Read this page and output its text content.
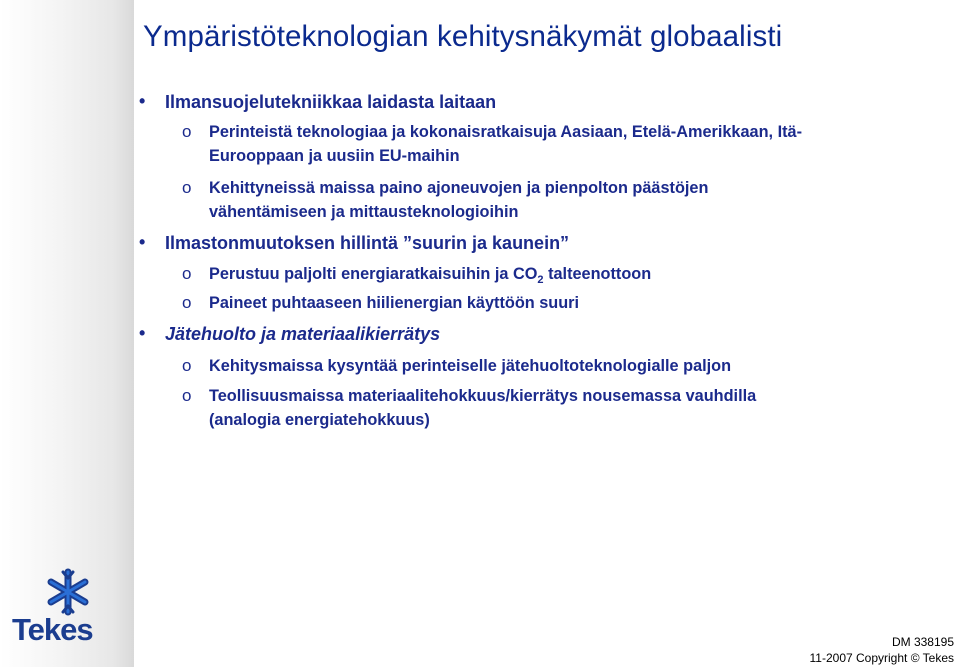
Ympäristöteknologian kehitysnäkymät globaalisti
• Ilmansuojelutekniikkaa laidasta laitaan
o Perinteistä teknologiaa ja kokonaisratkaisuja Aasiaan, Etelä-Amerikkaan, Itä-
Eurooppaan ja uusiin EU-maihin
o Kehittyneissä maissa paino ajoneuvojen ja pienpolton päästöjen
vähentämiseen ja mittausteknologioihin
• Ilmastonmuutoksen hillintä ”suurin ja kaunein”
o Perustuu paljolti energiaratkaisuihin ja $CO_2$ talteenottoon
o Paineet puhtaaseen hiilienergian käyttöön suuri
• Jätehuolto ja materiaalikierrätys
o Kehitysmaissa kysyntää perinteiselle jätehuoltoteknologialle paljon
o Teollisuusmaissa materiaalitehokkuus/kierrätys nousemassa vauhdilla
(analogia energiatehokkuus)
Tekes	DM 338195
11-2007 Copyright © Tekes
